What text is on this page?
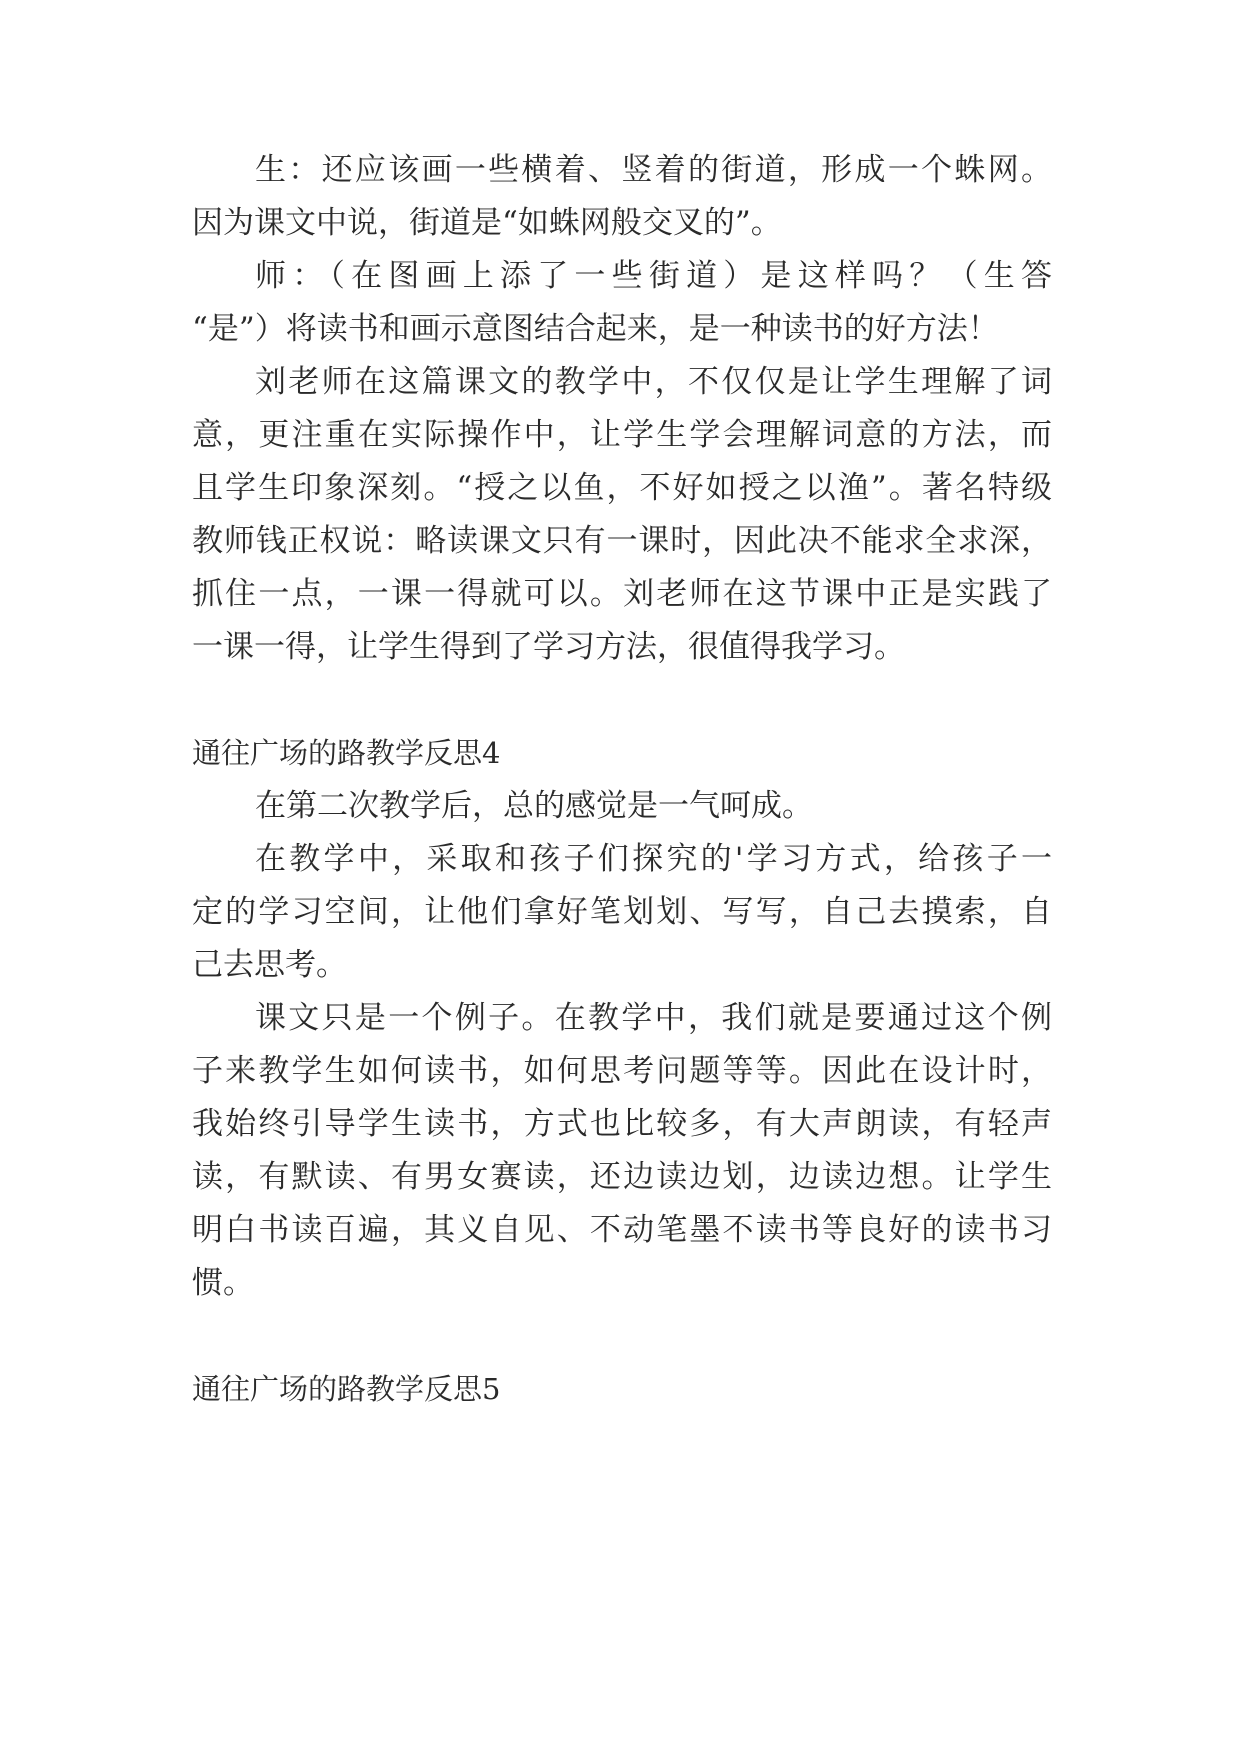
生：还应该画一些横着、竖着的街道，形成一个蛛网。
因为课文中说，街道是“如蛛网般交叉的”。
师：（在图画上添了一些街道）是这样吗？（生答
“是”）将读书和画示意图结合起来，是一种读书的好方法！
刘老师在这篇课文的教学中，不仅仅是让学生理解了词
意，更注重在实际操作中，让学生学会理解词意的方法，而
且学生印象深刻。“授之以鱼，不好如授之以渔”。著名特级
教师钱正权说：略读课文只有一课时，因此决不能求全求深，
抓住一点，一课一得就可以。刘老师在这节课中正是实践了
一课一得，让学生得到了学习方法，很值得我学习。
通往广场的路教学反思4
在第二次教学后，总的感觉是一气呵成。
在教学中，采取和孩子们探究的'学习方式，给孩子一
定的学习空间，让他们拿好笔划划、写写，自己去摸索，自
己去思考。
课文只是一个例子。在教学中，我们就是要通过这个例
子来教学生如何读书，如何思考问题等等。因此在设计时，
我始终引导学生读书，方式也比较多，有大声朗读，有轻声
读，有默读、有男女赛读，还边读边划，边读边想。让学生
明白书读百遍，其义自见、不动笔墨不读书等良好的读书习
惯。
通往广场的路教学反思5
